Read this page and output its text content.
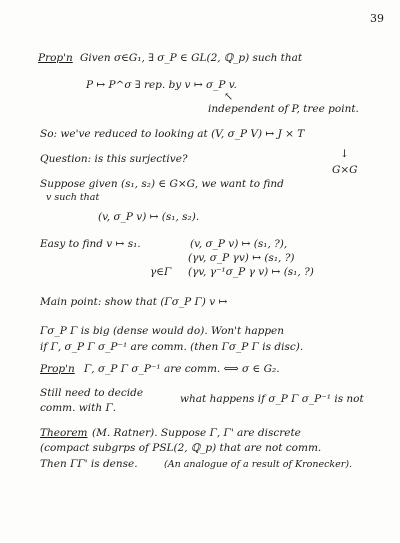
39
Prop'n Given σ∈G₁, ∃ σ_P ∈ GL(2, ℚ_p) such that
P ↦ P^σ ∃ rep. by v ↦ σ_P v.
↖
independent of P, tree point.
So: we've reduced to looking at (V, σ_P V) ↦ J × T
Question: is this surjective?	↓
G×G
Suppose given (s₁, s₂) ∈ G×G, we want to find
v such that
(v, σ_P v) ↦ (s₁, s₂).
Easy to find v ↦ s₁.	(v, σ_P v) ↦ (s₁, ?),
(γv, σ_P γv) ↦ (s₁, ?)
γ∈Γ (γv, γ⁻¹σ_P γ v) ↦ (s₁, ?)
Main point: show that (Γσ_P Γ) v ↦
Γσ_P Γ is big (dense would do). Won't happen
if Γ, σ_P Γ σ_P⁻¹ are comm. (then Γσ_P Γ is disc).
Prop'n Γ, σ_P Γ σ_P⁻¹ are comm. ⟺ σ ∈ G₂.
Still need to decide	what happens if σ_P Γ σ_P⁻¹ is not
comm. with Γ.
Theorem (M. Ratner). Suppose Γ, Γ' are discrete
(compact subgrps of PSL(2, ℚ_p) that are not comm.
Then ΓΓ' is dense.	(An analogue of a result of Kronecker).
